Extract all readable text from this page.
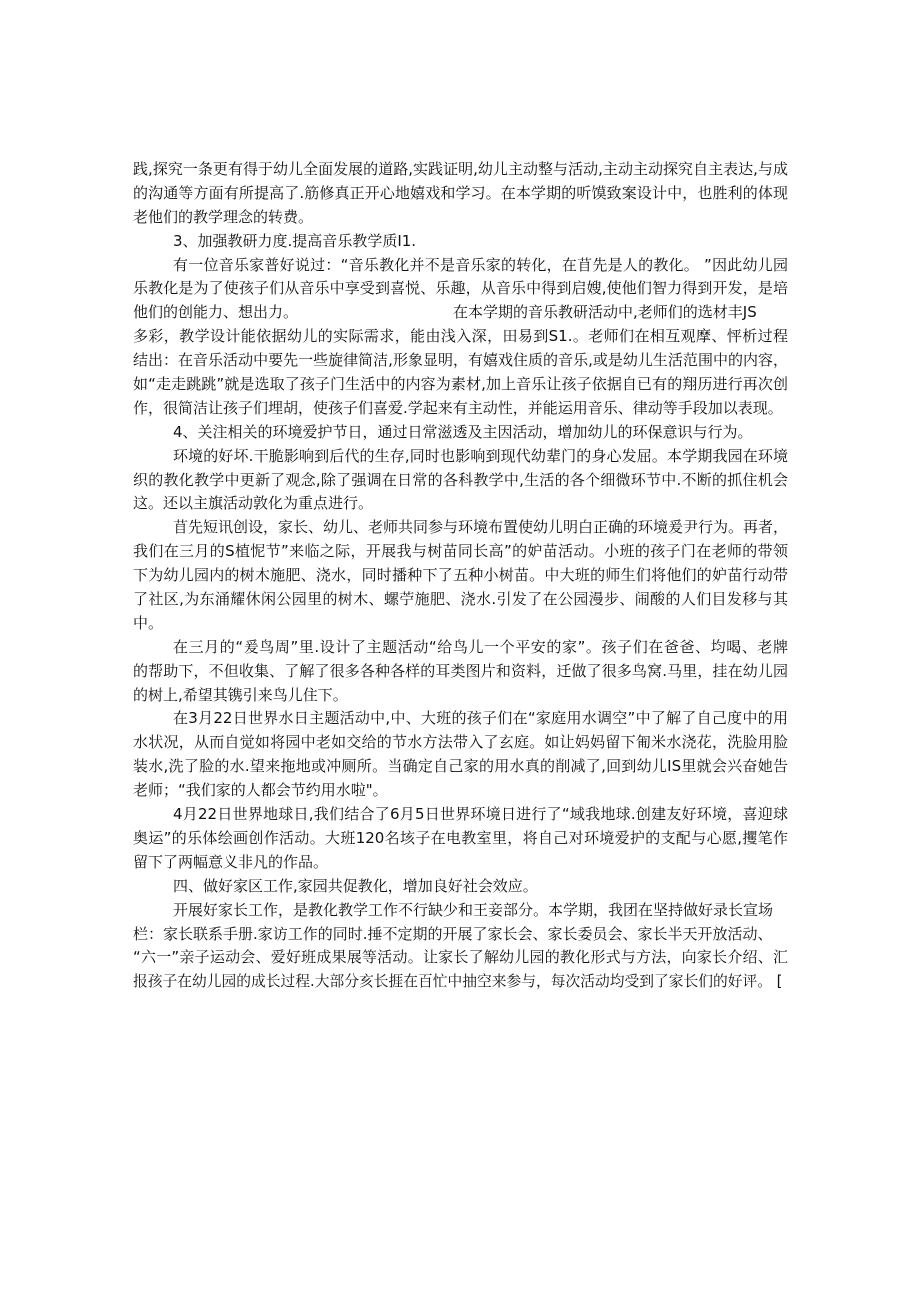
践,探究一条更有得于幼儿全面发展的道路,实践证明,幼儿主动整与活动,主动主动探究自主表达,与成
的沟通等方面有所提高了.筋修真正开心地嬉戏和学习。在本学期的听馍致案设计中，也胜利的体现
老他们的教学理念的转费。
3、加强教研力度.提高音乐教学质I1.
有一位音乐家普好说过：“音乐教化并不是音乐家的转化，在苜先是人的教化。 ”因此幼儿园
乐教化是为了使孩子们从音乐中享受到喜悦、乐趣，从音乐中得到启嫂,使他们智力得到开发，是培
他们的创能力、想出力。	在本学期的音乐教研活动中,老师们的选材丰JS
多彩，教学设计能依据幼儿的实际需求，能由浅入深，田易到S1.。老师们在相互观摩、怦析过程
结出：在音乐活动中要先一些旋律简洁,形象显明，有嬉戏住质的音乐,或是幼儿生活范围中的内容，
如“走走跳跳”就是选取了孩子门生活中的内容为素材,加上音乐让孩子依据自已有的翔历进行再次创
作，很简洁让孩子们埋胡，使孩子们喜爱.学起来有主动性，并能运用音乐、律动等手段加以表现。
4、关注相关的环境爱护节日，通过日常滋透及主因活动，增加幼儿的环保意识与行为。
环境的好坏.干脆影响到后代的生存,同时也影响到现代幼辈门的身心发屈。本学期我园在环境
织的教化教学中更新了观念,除了强调在日常的各科教学中,生活的各个细微环节中.不断的抓住机会
这。还以主旗活动敦化为重点进行。
苜先短讯创设，家长、幼儿、老师共同参与环境布置使幼儿明白正确的环境爰尹行为。再者，
我们在三月的S植怩节”来临之际，开展我与树苗同长高”的妒苗活动。小班的孩子门在老师的带领
下为幼儿园内的树木施肥、浇水，同时播种下了五种小树苗。中大班的师生们将他们的妒苗行动带
了社区,为东涌耀休闲公园里的树木、螺苧施肥、浇水.引发了在公园漫步、闹酸的人们目发移与其
中。
在三月的“爰鸟周”里.设计了主题活动“给鸟儿一个平安的家”。孩子们在爸爸、均喝、老牌
的帮助下，不但收集、了解了很多各种各样的耳类图片和资料，迁做了很多鸟窝.马里，挂在幼儿园
的树上,希望其镌引来鸟儿住下。
在3月22日世界水日主题活动中,中、大班的孩子们在“家庭用水调空”中了解了自己度中的用
水状况，从而自觉如将园中老如交给的节水方法带入了玄庭。如让妈妈留下匍米水浇花，洗脸用脸
装水,洗了脸的水.望来拖地或冲厕所。当确定自己家的用水真的削减了,回到幼儿IS里就会兴奋她告
老师；“我们家的人都会节约用水啦"。
4月22日世界地球日,我们结合了6月5日世界环境日进行了“域我地球.创建友好环境，喜迎球
奥运”的乐体绘画创作活动。大班120名垓子在电教室里，将自己对环境爱护的支配与心愿,攫笔作
留下了两幅意义非凡的作品。
四、做好家区工作,家园共促教化，增加良好社会效应。
开展好家长工作，是教化教学工作不行缺少和王妾部分。本学期，我团在坚持做好录长宣场
栏：家长联系手册.家访工作的同时.捶不定期的开展了家长会、家长委员会、家长半天开放活动、
“六一”亲子运动会、爱好班成果展等活动。让家长了解幼儿园的教化形式与方法，向家长介绍、汇
报孩子在幼儿园的成长过程.大部分亥长捱在百忙中抽空来参与，每次活动均受到了家长们的好评。 [
